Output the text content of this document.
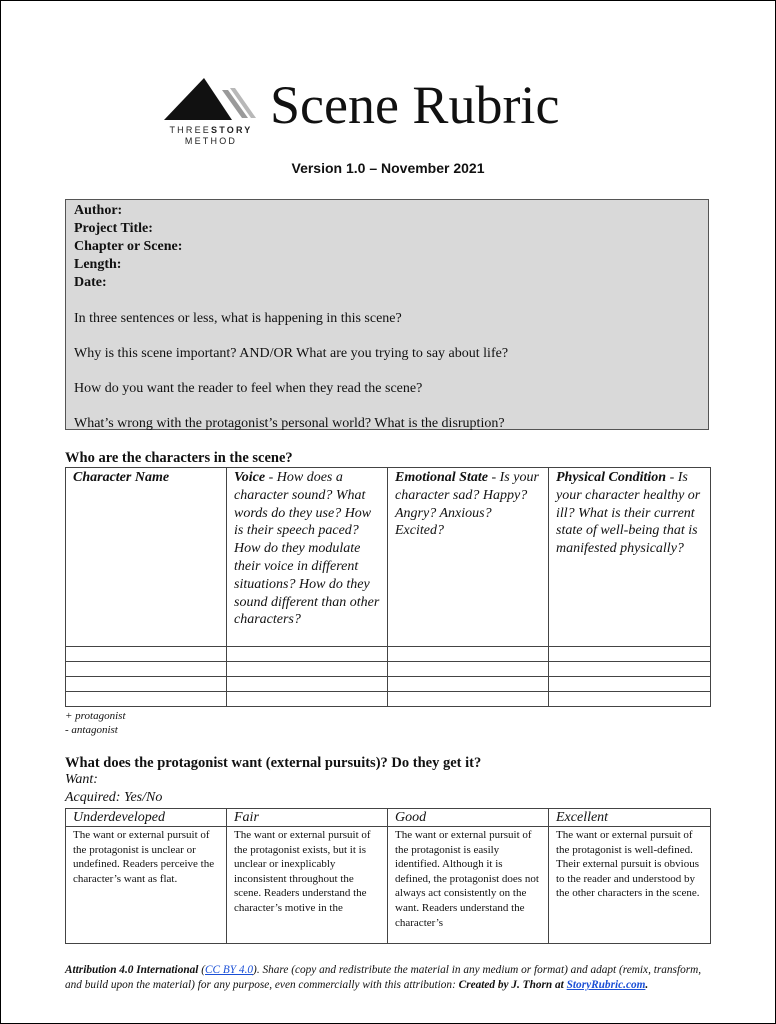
THREESTORY
METHOD
Scene Rubric
Version 1.0 – November 2021
Author:
Project Title:
Chapter or Scene:
Length:
Date:
In three sentences or less, what is happening in this scene?
Why is this scene important? AND/OR What are you trying to say about life?
How do you want the reader to feel when they read the scene?
What’s wrong with the protagonist’s personal world? What is the disruption?
Who are the characters in the scene?
Character Name	Voice - How does a character sound? What words do they use? How is their speech paced? How do they modulate their voice in different situations? How do they sound different than other characters?	Emotional State - Is your character sad? Happy? Angry? Anxious? Excited?	Physical Condition - Is your character healthy or ill? What is their current state of well-being that is manifested physically?

+ protagonist
- antagonist
What does the protagonist want (external pursuits)? Do they get it?
Want:
Acquired: Yes/No
Underdeveloped	Fair	Good	Excellent
The want or external pursuit of the protagonist is unclear or undefined. Readers perceive the character’s want as flat.	The want or external pursuit of the protagonist exists, but it is unclear or inexplicably inconsistent throughout the scene. Readers understand the character’s motive in the	The want or external pursuit of the protagonist is easily identified. Although it is defined, the protagonist does not always act consistently on the want. Readers understand the character’s	The want or external pursuit of the protagonist is well-defined. Their external pursuit is obvious to the reader and understood by the other characters in the scene.
Attribution 4.0 International (CC BY 4.0). Share (copy and redistribute the material in any medium or format) and adapt (remix, transform, and build upon the material) for any purpose, even commercially with this attribution: Created by J. Thorn at StoryRubric.com.
